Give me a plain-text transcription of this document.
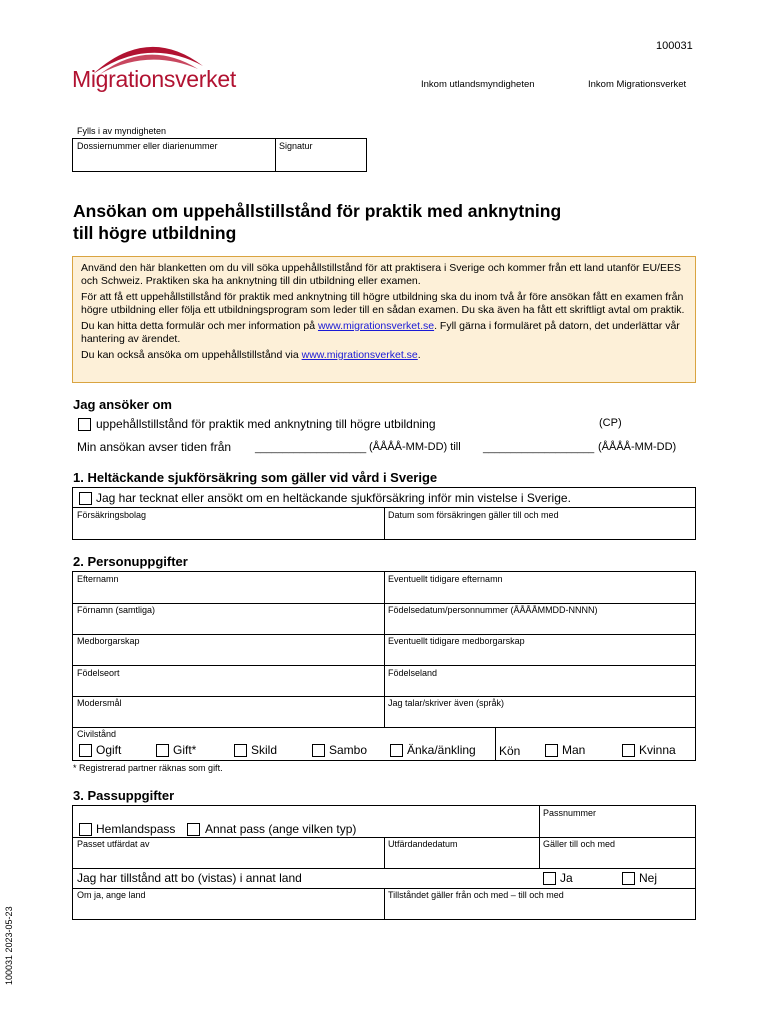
Migrationsverket
100031
Inkom utlandsmyndigheten	Inkom Migrationsverket
Fylls i av myndigheten
Dossiernummer eller diarienummer	Signatur
Ansökan om uppehållstillstånd för praktik med anknytning
till högre utbildning

Använd den här blanketten om du vill söka uppehållstillstånd för att praktisera i Sverige och kommer från ett land utanför EU/EES och Schweiz. Praktiken ska ha anknytning till din utbildning eller examen.

För att få ett uppehållstillstånd för praktik med anknytning till högre utbildning ska du inom två år före ansökan fått en examen från högre utbildning eller följa ett utbildningsprogram som leder till en sådan examen. Du ska även ha fått ett skriftligt avtal om praktik.

Du kan hitta detta formulär och mer information på www.migrationsverket.se. Fyll gärna i formuläret på datorn, det underlättar vår hantering av ärendet.

Du kan också ansöka om uppehållstillstånd via www.migrationsverket.se.

Jag ansöker om
uppehållstillstånd för praktik med anknytning till högre utbildning	(CP)
Min ansökan avser tiden från ____________________ (ÅÅÅÅ-MM-DD) till ____________________ (ÅÅÅÅ-MM-DD)
1. Heltäckande sjukförsäkring som gäller vid vård i Sverige
Jag har tecknat eller ansökt om en heltäckande sjukförsäkring inför min vistelse i Sverige.
Försäkringsbolag	Datum som försäkringen gäller till och med
2. Personuppgifter
Efternamn	Eventuellt tidigare efternamn
Förnamn (samtliga)	Födelsedatum/personnummer (ÅÅÅÅMMDD-NNNN)
Medborgarskap	Eventuellt tidigare medborgarskap
Födelseort	Födelseland
Modersmål	Jag talar/skriver även (språk)
Civilstånd
Ogift	Gift*	Skild	Sambo	Änka/änkling Kön	Man	Kvinna
* Registrerad partner räknas som gift.
3. Passuppgifter
Passnummer
Hemlandspass Annat pass (ange vilken typ)
Passet utfärdat av	Utfärdandedatum	Gäller till och med
Jag har tillstånd att bo (vistas) i annat land	Ja	Nej
Om ja, ange land	Tillståndet gäller från och med – till och med
100031 2023-05-23
